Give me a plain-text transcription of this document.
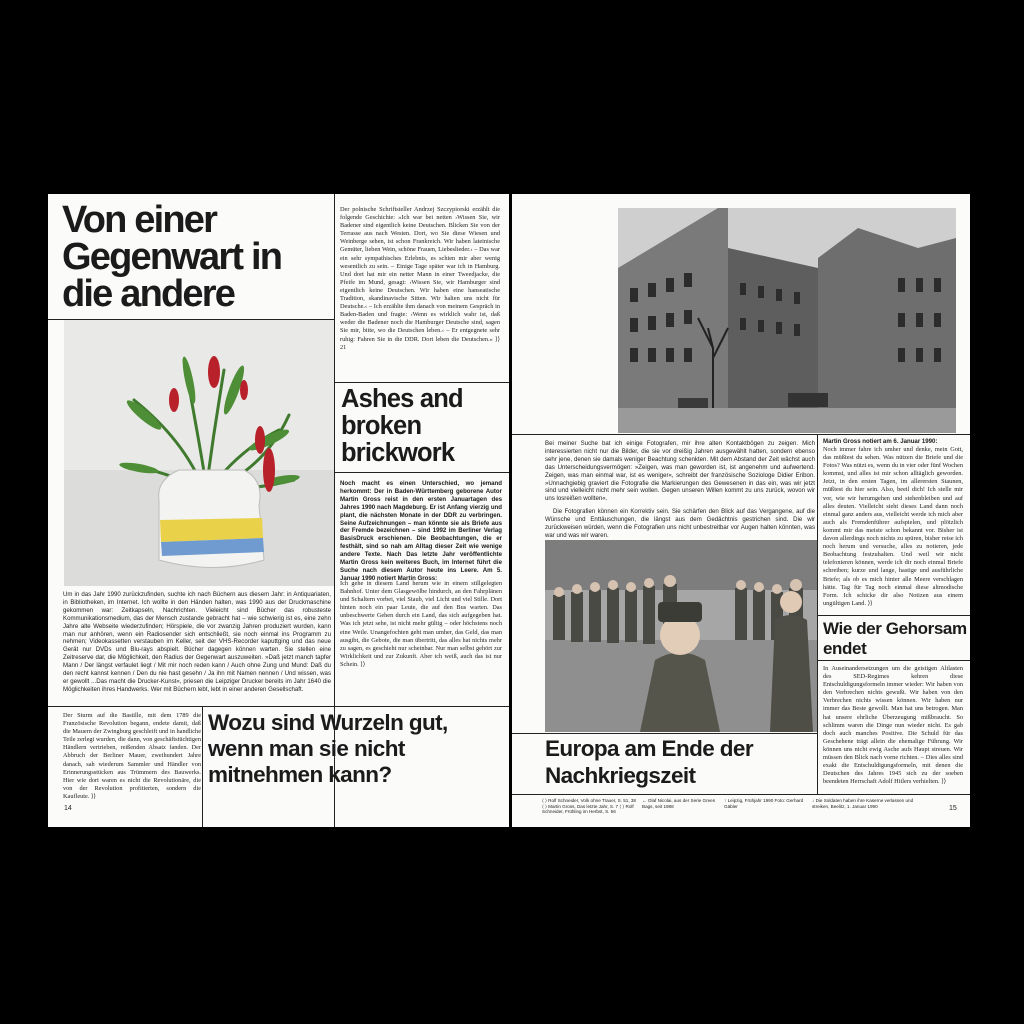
Von einer Gegenwart in die andere

Um in das Jahr 1990 zurückzufinden, suchte ich nach Büchern aus diesem Jahr: in Antiquariaten, in Bibliotheken, im Internet. Ich wollte in den Händen halten, was 1990 aus der Druckmaschine gekommen war: Zeitkapseln, Nachrichten. Vieleicht sind Bücher das robusteste Kommunikationsmedium, das der Mensch zustande gebracht hat – wie schwierig ist es, eine zehn Jahre alte Webseite wiederzufinden; Hörspiele, die vor zwanzig Jahren produziert wurden, kann man nur anhören, wenn ein Radiosender sich entschließt, sie noch einmal ins Programm zu nehmen; Videokassetten verstauben im Keller, seit der VHS-Recorder kaputtging und das neue Gerät nur DVDs und Blu-rays abspielt. Bücher dagegen können warten. Sie stellen eine Zeitreserve dar, die Möglichkeit, den Radius der Gegenwart auszuweiten. »Daß jetzt manch tapfer Mann / Der längst verfaulet liegt / Mit mir noch reden kann / Auch ohne Zung und Mund: Daß du den recht kannst kennen / Den du nie hast gesehn / Ja ihn mit Namen nennen / Und wissen, was er gewollt ...Das macht die Drucker-Kunst«, priesen die Leipziger Drucker bereits im Jahr 1640 die Möglichkeiten ihres Handwerks. Wer mit Büchern lebt, lebt in einer anderen Gesellschaft.

Der Sturm auf die Bastille, mit dem 1789 die Französische Revolution begann, endete damit, daß die Mauern der Zwingburg geschleift und in handliche Teile zerlegt wurden, die dann, von geschäftstüchtigen Händlern vertrieben, reißenden Absatz fanden. Der Abbruch der Berliner Mauer, zweihundert Jahre danach, sah wiederum Sammler und Händler von Erinnerungsstücken aus Trümmern des Bauwerks. Hier wie dort waren es nicht die Revolutionäre, die von der Revolution profitierten, sondern die Kaufleute. ⟩⟩

Wozu sind Wurzeln gut, wenn man sie nicht mitnehmen kann?
14

Der polnische Schriftsteller Andrzej Szczypiorski erzählt die folgende Geschichte: »Ich war bei netten ›Wissen Sie, wir Badener sind eigentlich keine Deutschen. Blicken Sie von der Terrasse aus nach Westen. Dort, wo Sie diese Wiesen und Weinberge sehen, ist schon Frankreich. Wir haben lateinische Gemüter, lieben Wein, schöne Frauen, Liebeslieder.‹ – Das war ein sehr sympathisches Erlebnis, es schien mir aber wenig wesentlich zu sein. – Einige Tage später war ich in Hamburg. Und dort hat mir ein netter Mann in einer Tweedjacke, die Pfeife im Mund, gesagt: ›Wissen Sie, wir Hamburger sind eigentlich keine Deutschen. Wir haben eine hanseatische Tradition, skandinavische Sitten. Wir halten uns nicht für Deutsche.‹ – Ich erzählte ihm danach von meinem Gespräch in Baden-Baden und fragte: ›Wenn es wirklich wahr ist, daß weder die Badener noch die Hamburger Deutsche sind, sagen Sie mir, bitte, wo die Deutschen leben.‹ – Er entgegnete sehr ruhig: Fahren Sie in die DDR. Dort leben die Deutschen.« ⟩⟩ 21

Ashes and broken brickwork

Noch macht es einen Unterschied, wo jemand herkommt: Der in Baden-Württemberg geborene Autor Martin Gross reist in den ersten Januartagen des Jahres 1990 nach Magdeburg. Er ist Anfang vierzig und plant, die nächsten Monate in der DDR zu verbringen. Seine Aufzeichnungen – man könnte sie als Briefe aus der Fremde bezeichnen – sind 1992 im Berliner Verlag BasisDruck erschienen. Die Beobachtungen, die er festhält, sind so nah am Alltag dieser Zeit wie wenige andere Texte. Nach Das letzte Jahr veröffentlichte Martin Gross kein weiteres Buch, im Internet führt die Suche nach diesem Autor heute ins Leere. Am 5. Januar 1990 notiert Martin Gross:

Ich gehe in diesem Land herum wie in einem stillgelegten Bahnhof. Unter dem Glasgewölbe hindurch, an den Fahrplänen und Schaltern vorbei, viel Staub, viel Licht und viel Stille. Dort hinten noch ein paar Leute, die auf den Bus warten. Das unbeschwerte Gehen durch ein Land, das sich aufgegeben hat. Was ich jetzt sehe, ist nicht mehr gültig – oder höchstens noch eine Weile. Unangefochten geht man umher, das Geld, das man ausgibt, die Gebote, die man übertritt, das alles hat nichts mehr zu sagen, es geschieht nur scheinbar. Nur man selbst gehört zur Wirklichkeit und zur Zukunft. Aber ich weiß, auch das ist nur Schein. ⟩⟩

Bei meiner Suche bat ich einige Fotografen, mir ihre alten Kontaktbögen zu zeigen. Mich interessierten nicht nur die Bilder, die sie vor dreißig Jahren ausgewählt hatten, sondern ebenso sehr jene, denen sie damals weniger Beachtung schenkten. Mit dem Abstand der Zeit wächst auch das Unterscheidungsvermögen: »Zeigen, was man geworden ist, ist angenehm und aufwertend. Zeigen, was man einmal war, ist es weniger«, schreibt der französische Soziologe Didier Eribon. »Unnachgiebig graviert die Fotografie die Markierungen des Gewesenen in das ein, was wir jetzt sind und vielleicht nicht mehr sein wollen. Gegen unseren Willen kommt zu uns zurück, wovon wir uns losreißen wollten«.

Die Fotografien können ein Korrektiv sein. Sie schärfen den Blick auf das Vergangene, auf die Wünsche und Enttäuschungen, die längst aus dem Gedächtnis gestrichen sind. Die wir zurückweisen würden, wenn die Fotografien uns nicht unbestreitbar vor Augen halten könnten, was war und was wir waren.

Europa am Ende der Nachkriegszeit
⟨ ⟩ Rolf Schneider, Volk ohne Trauer, S. 51, 38 ⟨ ⟩ Martin Gross, Das letzte Jahr, S. 7 ⟨ ⟩ Rolf Schneider, Frühling im Herbst, S. 56
← Olaf Nicolai, aus der Serie Green Bags, seit 1988
↑ Leipzig, Frühjahr 1990 Foto: Gerhard Gäbler
↓ Die Soldaten haben ihre Kaserne verlassen und streiken, Beelitz, 1. Januar 1990	15

Martin Gross notiert am 6. Januar 1990:

Noch immer fahre ich umher und denke, mein Gott, das müßtest du sehen. Was nützen die Briefe und die Fotos? Was nützt es, wenn du in vier oder fünf Wochen kommst, und alles ist mir schon alltäglich geworden. Jetzt, in den ersten Tagen, im allerersten Staunen, müßtest du hier sein. Also, beeil dich! Ich stelle mir vor, wie wir herumgehen und stehenbleiben und auf alles deuten. Vielleicht sieht dieses Land dann noch einmal ganz anders aus, vielleicht werde ich mich aber auch als Fremdenführer aufspielen, und plötzlich kommt mir das meiste schon bekannt vor. Bisher ist davon allerdings noch nichts zu spüren, bisher reise ich noch herum und versuche, alles zu notieren, jede Beobachtung festzuhalten. Und weil wir nicht telefonieren können, werde ich dir noch einmal Briefe schreiben; kurze und lange, hastige und ausführliche Briefe; als ob es mich hinter alle Meere verschlagen hätte. Tag für Tag noch einmal diese altmodische Form. Ich schicke dir also Notizen aus einem ungültigen Land. ⟩⟩

Wie der Gehorsam endet

In Auseinandersetzungen um die geistigen Altlasten des SED-Regimes kehren diese Entschuldigungsformeln immer wieder: Wir haben von den Verbrechen nichts gewußt. Wir haben von den Verbrechen nichts wissen können. Wir haben nur immer das Beste gewollt. Man hat uns betrogen. Man hat unsere ehrliche Überzeugung mißbraucht. So schlimm waren die Dinge nun wieder nicht. Es gab doch auch manches Positive. Die Schuld für das Geschehene trägt allein die ehemalige Führung. Wir können uns nicht ewig Asche aufs Haupt streuen. Wir müssen den Blick nach vorne richten. – Dies alles sind exakt die Entschuldigungsformeln, mit denen die Deutschen des Jahres 1945 sich zu der soeben beendeten Herrschaft Adolf Hitlers verhielten. ⟩⟩
